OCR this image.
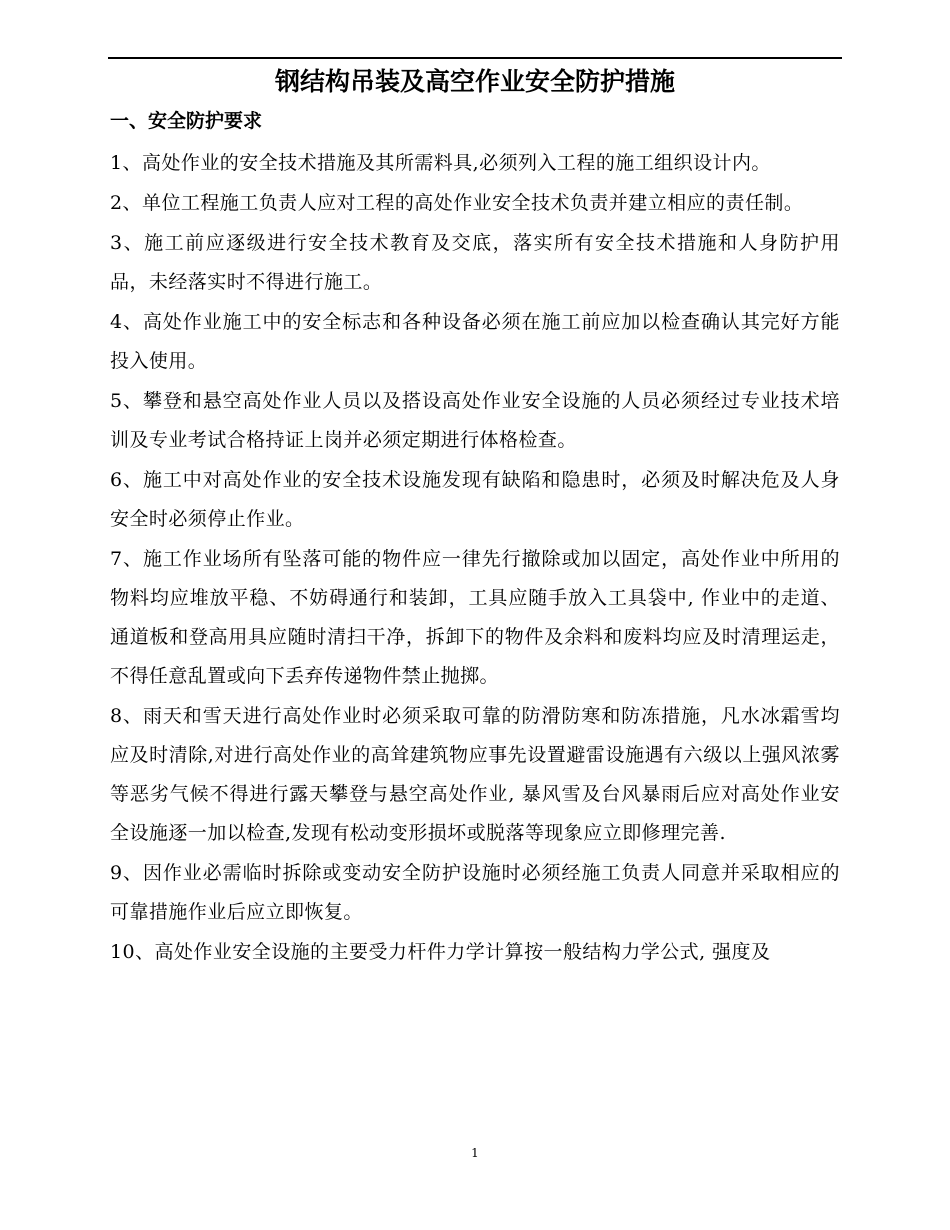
钢结构吊装及高空作业安全防护措施
一、安全防护要求

1、高处作业的安全技术措施及其所需料具,必须列入工程的施工组织设计内。

2、单位工程施工负责人应对工程的高处作业安全技术负责并建立相应的责任制。

3、施工前应逐级进行安全技术教育及交底，落实所有安全技术措施和人身防护用品，未经落实时不得进行施工。

4、高处作业施工中的安全标志和各种设备必须在施工前应加以检查确认其完好方能投入使用。

5、攀登和悬空高处作业人员以及搭设高处作业安全设施的人员必须经过专业技术培训及专业考试合格持证上岗并必须定期进行体格检查。

6、施工中对高处作业的安全技术设施发现有缺陷和隐患时，必须及时解决危及人身安全时必须停止作业。

7、施工作业场所有坠落可能的物件应一律先行撤除或加以固定，高处作业中所用的物料均应堆放平稳、不妨碍通行和装卸，工具应随手放入工具袋中, 作业中的走道、通道板和登高用具应随时清扫干净，拆卸下的物件及余料和废料均应及时清理运走，不得任意乱置或向下丢弃传递物件禁止抛掷。

8、雨天和雪天进行高处作业时必须采取可靠的防滑防寒和防冻措施，凡水冰霜雪均应及时清除,对进行高处作业的高耸建筑物应事先设置避雷设施遇有六级以上强风浓雾等恶劣气候不得进行露天攀登与悬空高处作业, 暴风雪及台风暴雨后应对高处作业安全设施逐一加以检查,发现有松动变形损坏或脱落等现象应立即修理完善.

9、因作业必需临时拆除或变动安全防护设施时必须经施工负责人同意并采取相应的可靠措施作业后应立即恢复。

10、高处作业安全设施的主要受力杆件力学计算按一般结构力学公式, 强度及

1
